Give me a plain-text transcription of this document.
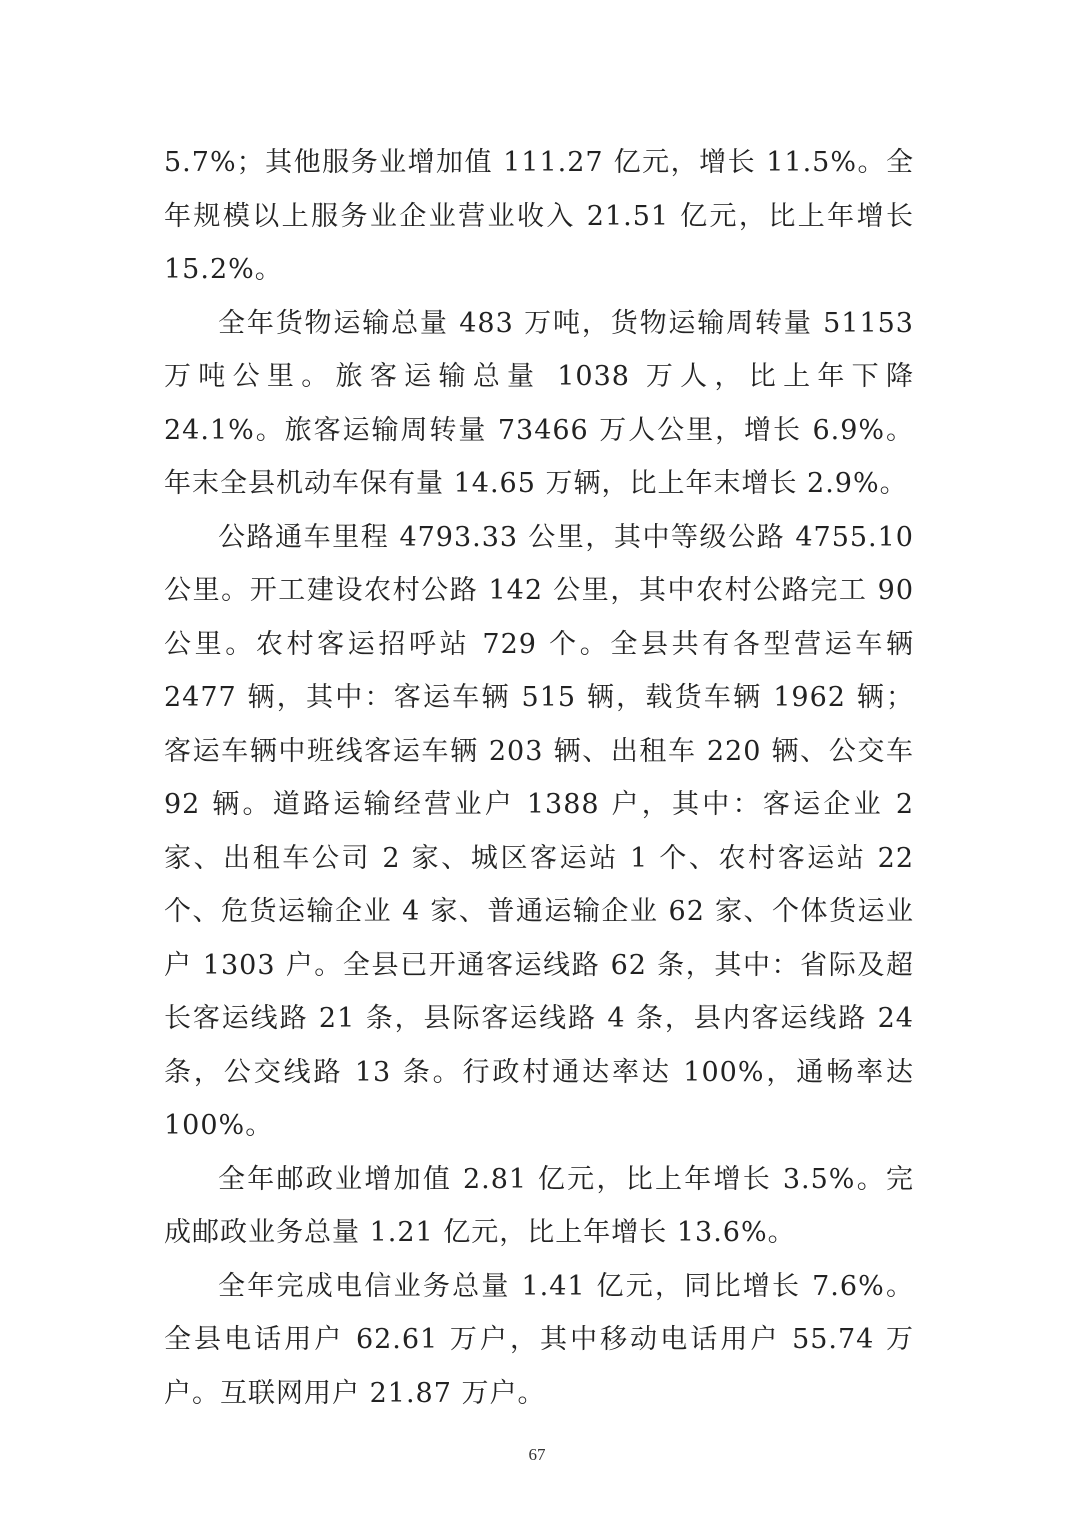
5.7%；其他服务业增加值 111.27 亿元，增长 11.5%。全年规模以上服务业企业营业收入 21.51 亿元，比上年增长 15.2%。

全年货物运输总量 483 万吨，货物运输周转量 51153 万吨公里。旅客运输总量 1038 万人，比上年下降 24.1%。旅客运输周转量 73466 万人公里，增长 6.9%。年末全县机动车保有量 14.65 万辆，比上年末增长 2.9%。

公路通车里程 4793.33 公里，其中等级公路 4755.10 公里。开工建设农村公路 142 公里，其中农村公路完工 90 公里。农村客运招呼站 729 个。全县共有各型营运车辆 2477 辆，其中：客运车辆 515 辆，载货车辆 1962 辆；客运车辆中班线客运车辆 203 辆、出租车 220 辆、公交车 92 辆。道路运输经营业户 1388 户，其中：客运企业 2 家、出租车公司 2 家、城区客运站 1 个、农村客运站 22 个、危货运输企业 4 家、普通运输企业 62 家、个体货运业户 1303 户。全县已开通客运线路 62 条，其中：省际及超长客运线路 21 条，县际客运线路 4 条，县内客运线路 24 条，公交线路 13 条。行政村通达率达 100%，通畅率达 100%。

全年邮政业增加值 2.81 亿元，比上年增长 3.5%。完成邮政业务总量 1.21 亿元，比上年增长 13.6%。

全年完成电信业务总量 1.41 亿元，同比增长 7.6%。全县电话用户 62.61 万户，其中移动电话用户 55.74 万户。互联网用户 21.87 万户。

67
